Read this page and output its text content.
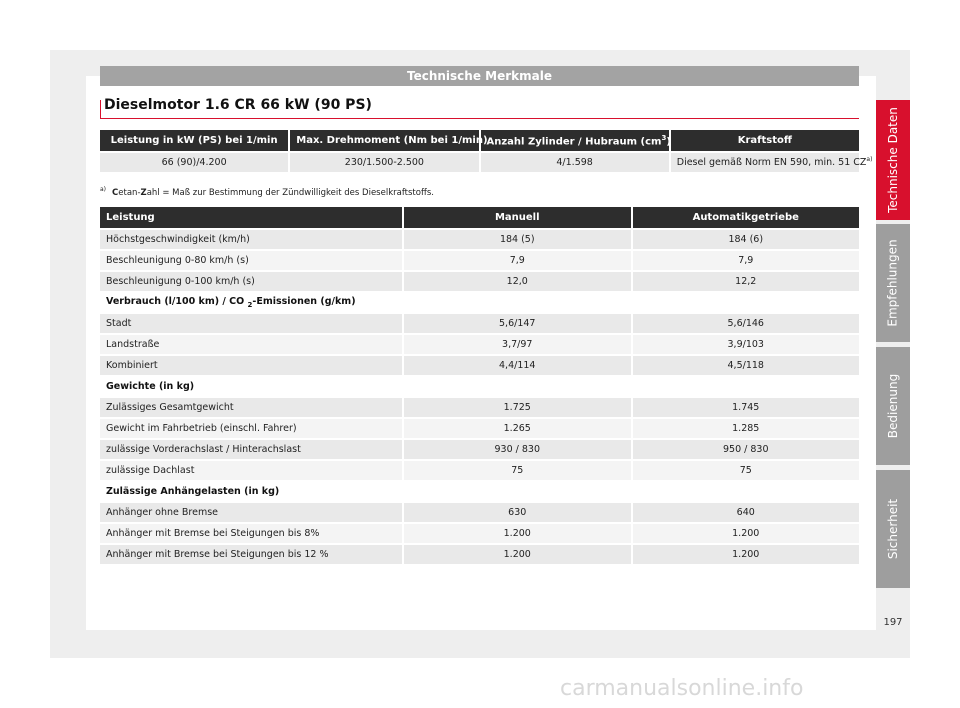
Technische Merkmale
Dieselmotor 1.6 CR 66 kW (90 PS)
Leistung in kW (PS) bei 1/min	Max. Drehmoment (Nm bei 1/min)	Anzahl Zylinder / Hubraum $(cm^3)$	Kraftstoff
66 (90)/4.200	230/1.500-2.500	4/1.598	Diesel gemäß Norm EN 590, min. 51 CZ$^{a)}$
$^{a)}$ Cetan-Zahl = Maß zur Bestimmung der Zündwilligkeit des Dieselkraftstoffs.
Leistung	Manuell	Automatikgetriebe
Höchstgeschwindigkeit (km/h)	184 (5)	184 (6)
Beschleunigung 0-80 km/h (s)	7,9	7,9
Beschleunigung 0-100 km/h (s)	12,0	12,2
Verbrauch (l/100 km) / CO $_2$-Emissionen (g/km)		
Stadt	5,6/147	5,6/146
Landstraße	3,7/97	3,9/103
Kombiniert	4,4/114	4,5/118
Gewichte (in kg)		
Zulässiges Gesamtgewicht	1.725	1.745
Gewicht im Fahrbetrieb (einschl. Fahrer)	1.265	1.285
zulässige Vorderachslast / Hinterachslast	930 / 830	950 / 830
zulässige Dachlast	75	75
Zulässige Anhängelasten (in kg)		
Anhänger ohne Bremse	630	640
Anhänger mit Bremse bei Steigungen bis 8%	1.200	1.200
Anhänger mit Bremse bei Steigungen bis 12 %	1.200	1.200
Technische Daten
Empfehlungen
Bedienung
Sicherheit
197
carmanualsonline.info
